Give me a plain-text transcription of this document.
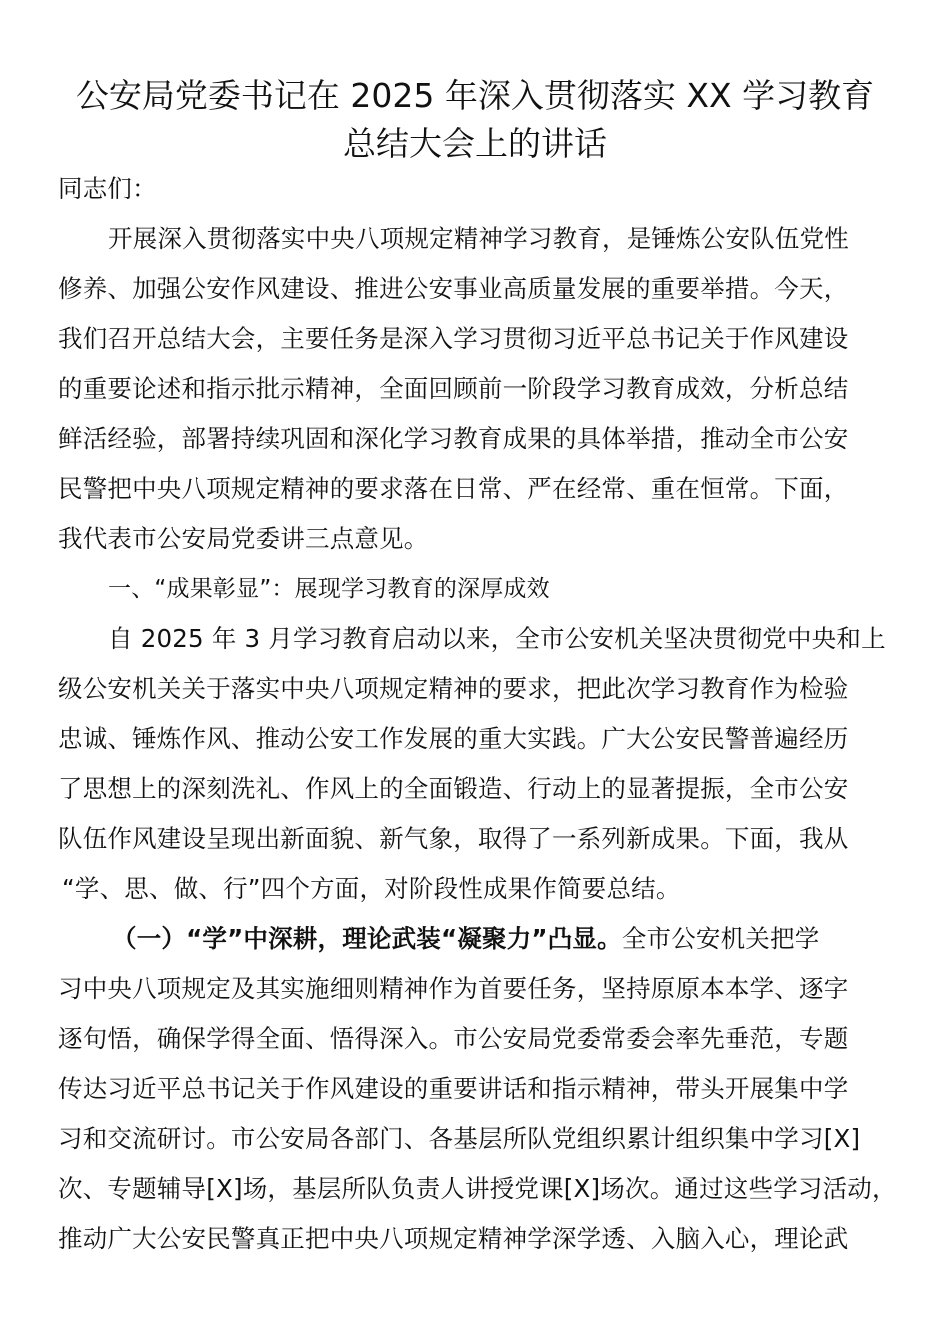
公安局党委书记在 2025 年深入贯彻落实 XX 学习教育
总结大会上的讲话

同志们：

开展深入贯彻落实中央八项规定精神学习教育，是锤炼公安队伍党性

修养、加强公安作风建设、推进公安事业高质量发展的重要举措。今天，

我们召开总结大会，主要任务是深入学习贯彻习近平总书记关于作风建设

的重要论述和指示批示精神，全面回顾前一阶段学习教育成效，分析总结

鲜活经验，部署持续巩固和深化学习教育成果的具体举措，推动全市公安

民警把中央八项规定精神的要求落在日常、严在经常、重在恒常。下面，

我代表市公安局党委讲三点意见。

一、“成果彰显”：展现学习教育的深厚成效

自 2025 年 3 月学习教育启动以来，全市公安机关坚决贯彻党中央和上

级公安机关关于落实中央八项规定精神的要求，把此次学习教育作为检验

忠诚、锤炼作风、推动公安工作发展的重大实践。广大公安民警普遍经历

了思想上的深刻洗礼、作风上的全面锻造、行动上的显著提振，全市公安

队伍作风建设呈现出新面貌、新气象，取得了一系列新成果。下面，我从

“学、思、做、行”四个方面，对阶段性成果作简要总结。

（一）“学”中深耕，理论武装“凝聚力”凸显。全市公安机关把学

习中央八项规定及其实施细则精神作为首要任务，坚持原原本本学、逐字

逐句悟，确保学得全面、悟得深入。市公安局党委常委会率先垂范，专题

传达习近平总书记关于作风建设的重要讲话和指示精神，带头开展集中学

习和交流研讨。市公安局各部门、各基层所队党组织累计组织集中学习[X]

次、专题辅导[X]场，基层所队负责人讲授党课[X]场次。通过这些学习活动，

推动广大公安民警真正把中央八项规定精神学深学透、入脑入心，理论武
